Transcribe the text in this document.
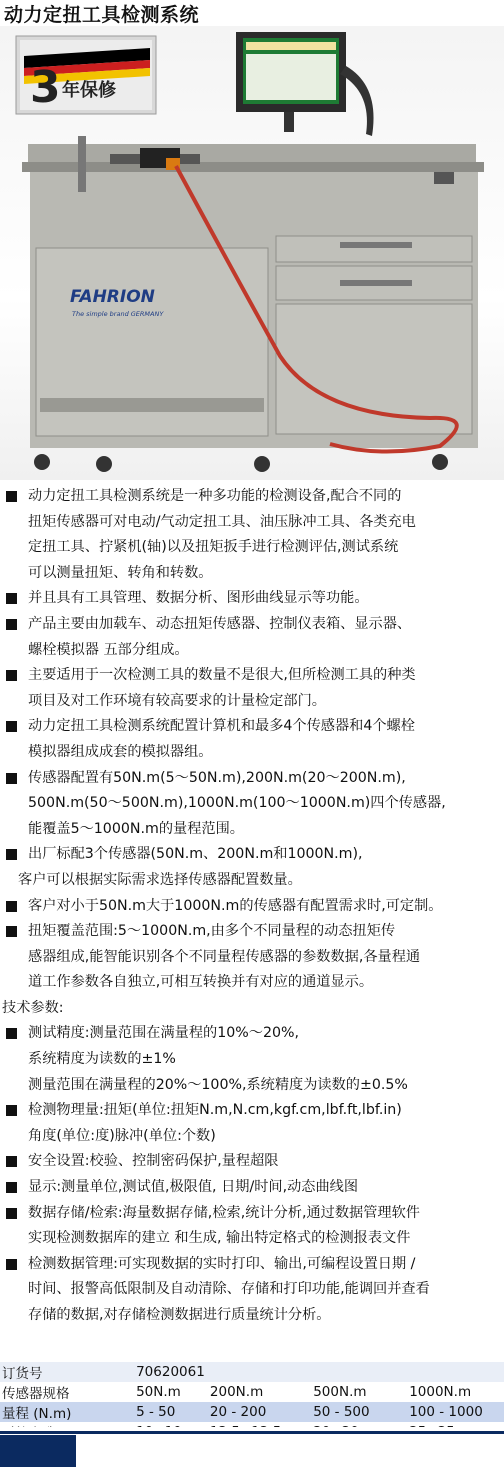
动力定扭工具检测系统
3 年保修
FAHRION
The simple brand GERMANY
动力定扭工具检测系统是一种多功能的检测设备,配合不同的
扭矩传感器可对电动/气动定扭工具、油压脉冲工具、各类充电
定扭工具、拧紧机(轴)以及扭矩扳手进行检测评估,测试系统
可以测量扭矩、转角和转数。
并且具有工具管理、数据分析、图形曲线显示等功能。
产品主要由加载车、动态扭矩传感器、控制仪表箱、显示器、
螺栓模拟器 五部分组成。
主要适用于一次检测工具的数量不是很大,但所检测工具的种类
项目及对工作环境有较高要求的计量检定部门。
动力定扭工具检测系统配置计算机和最多4个传感器和4个螺栓
模拟器组成成套的模拟器组。
传感器配置有50N.m(5～50N.m),200N.m(20～200N.m),
500N.m(50～500N.m),1000N.m(100～1000N.m)四个传感器,
能覆盖5～1000N.m的量程范围。
出厂标配3个传感器(50N.m、200N.m和1000N.m),
客户可以根据实际需求选择传感器配置数量。
客户对小于50N.m大于1000N.m的传感器有配置需求时,可定制。
扭矩覆盖范围:5～1000N.m,由多个不同量程的动态扭矩传
感器组成,能智能识别各个不同量程传感器的参数数据,各量程通
道工作参数各自独立,可相互转换并有对应的通道显示。
技术参数:
测试精度:测量范围在满量程的10%～20%,
系统精度为读数的±1%
测量范围在满量程的20%～100%,系统精度为读数的±0.5%
检测物理量:扭矩(单位:扭矩N.m,N.cm,kgf.cm,lbf.ft,lbf.in)
角度(单位:度)脉冲(单位:个数)
安全设置:校验、控制密码保护,量程超限
显示:测量单位,测试值,极限值, 日期/时间,动态曲线图
数据存储/检索:海量数据存储,检索,统计分析,通过数据管理软件
实现检测数据库的建立 和生成, 输出特定格式的检测报表文件
检测数据管理:可实现数据的实时打印、输出,可编程设置日期 /
时间、报警高低限制及自动清除、存储和打印功能,能调回并查看
存储的数据,对存储检测数据进行质量统计分析。
订货号	70620061			
传感器规格	50N.m	200N.m	500N.m	1000N.m
量程 (N.m)	5 - 50	20 - 200	50 - 500	100 - 1000
